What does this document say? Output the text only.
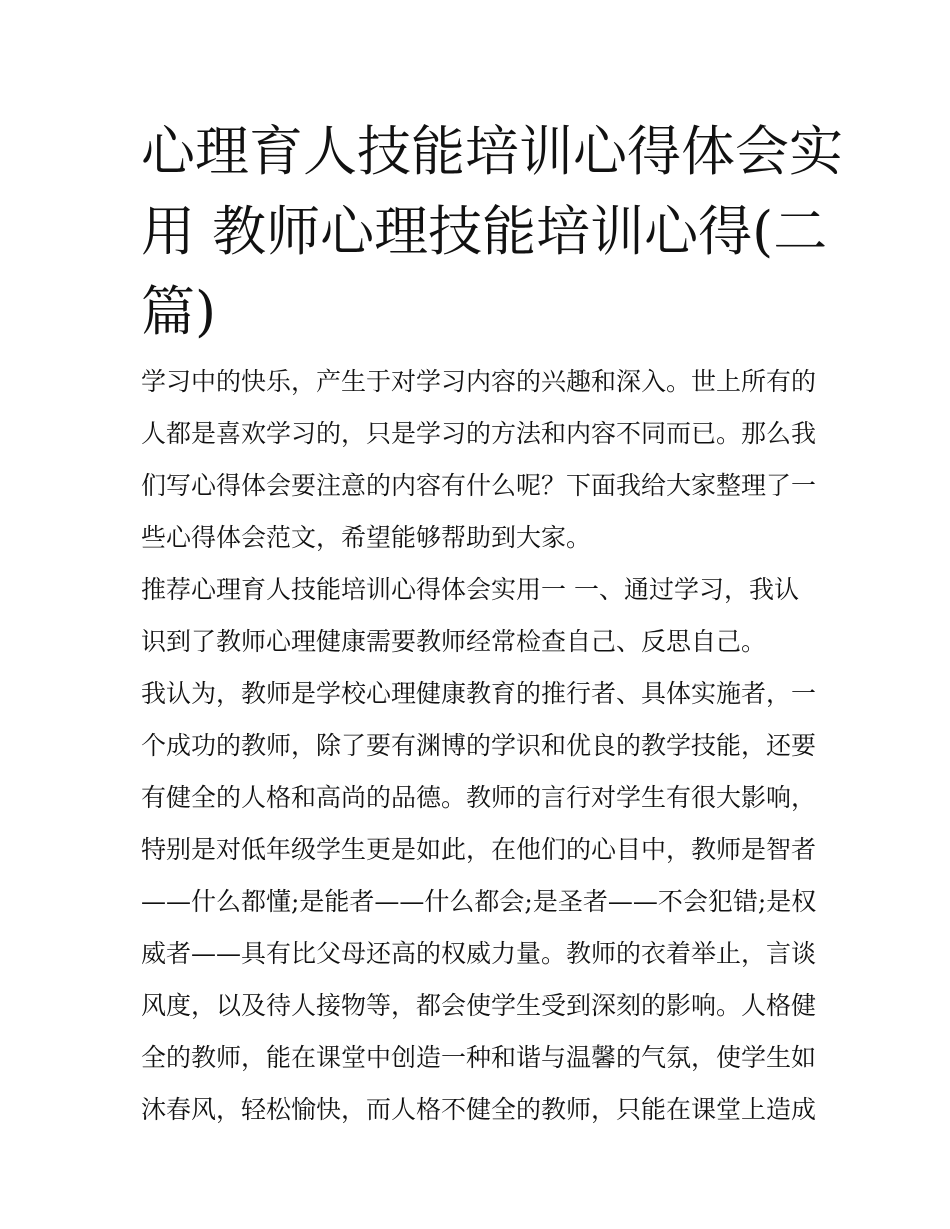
心理育人技能培训心得体会实
用 教师心理技能培训心得(二
篇)

学习中的快乐，产生于对学习内容的兴趣和深入。世上所有的
人都是喜欢学习的，只是学习的方法和内容不同而已。那么我
们写心得体会要注意的内容有什么呢？下面我给大家整理了一
些心得体会范文，希望能够帮助到大家。

推荐心理育人技能培训心得体会实用一 一、通过学习，我认
识到了教师心理健康需要教师经常检查自己、反思自己。

我认为，教师是学校心理健康教育的推行者、具体实施者，一
个成功的教师，除了要有渊博的学识和优良的教学技能，还要
有健全的人格和高尚的品德。教师的言行对学生有很大影响，
特别是对低年级学生更是如此，在他们的心目中，教师是智者
——什么都懂;是能者——什么都会;是圣者——不会犯错;是权
威者——具有比父母还高的权威力量。教师的衣着举止，言谈
风度，以及待人接物等，都会使学生受到深刻的影响。人格健
全的教师，能在课堂中创造一种和谐与温馨的气氛，使学生如
沐春风，轻松愉快，而人格不健全的教师，只能在课堂上造成
